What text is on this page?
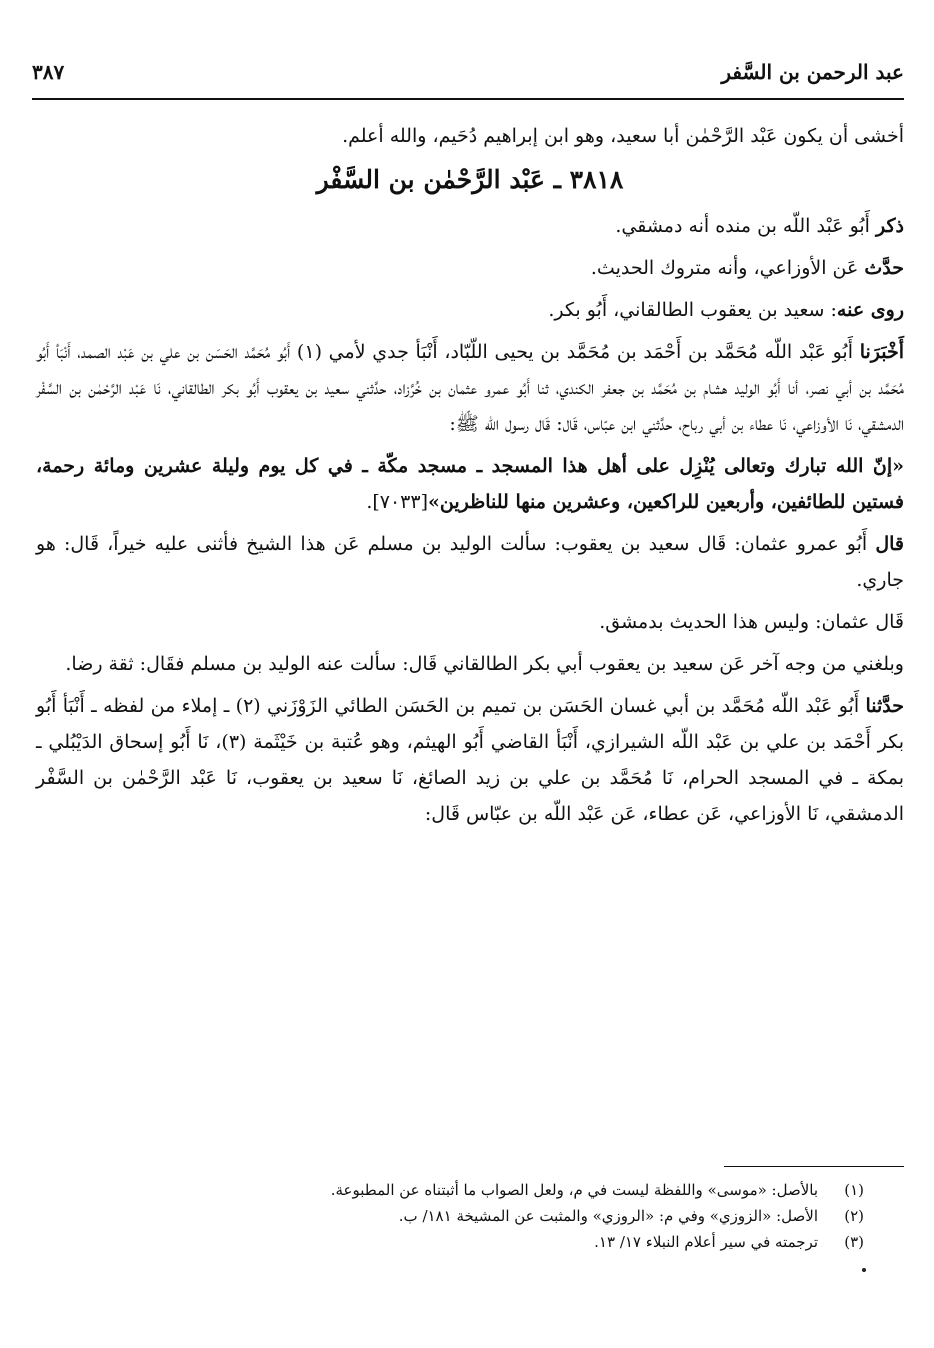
عبد الرحمن بن السَّفر
٣٨٧

أخشى أن يكون عَبْد الرَّحْمٰن أبا سعيد، وهو ابن إبراهيم دُحَيم، والله أعلم.

٣٨١٨ ـ عَبْد الرَّحْمٰن بن السَّفْر

ذكر أَبُو عَبْد اللّه بن منده أنه دمشقي.

حدَّث عَن الأوزاعي، وأنه متروك الحديث.

روى عنه: سعيد بن يعقوب الطالقاني، أَبُو بكر.

أَخْبَرَنا أَبُو عَبْد اللّه مُحَمَّد بن أَحْمَد بن مُحَمَّد بن يحيى اللّبّاد، أَنْبَأ جدي لأمي (١) أَبُو مُحَمَّد الحَسَن بن علي بن عَبْد الصمد، أَنْبَأ أَبُو مُحَمَّد بن أبي نصر، أنا أَبُو الوليد هشام بن مُحَمَّد بن جعفر الكندي، ثنا أَبُو عمرو عثمان بن خُرَّزاد، حدَّثني سعيد بن يعقوب أَبُو بكر الطالقاني، نَا عَبْد الرَّحْمٰن بن السَّفْر الدمشقي، نَا الأوزاعي، نَا عطاء بن أبي رباح، حدَّثني ابن عبّاس، قَال: قَال رسول الله ﷺ:

«إنّ الله تبارك وتعالى يُنْزِل على أهل هذا المسجد ـ مسجد مكّة ـ في كل يوم وليلة عشرين ومائة رحمة، فستين للطائفين، وأربعين للراكعين، وعشرين منها للناظرين»[٧٠٣٣].

قال أَبُو عمرو عثمان: قَال سعيد بن يعقوب: سألت الوليد بن مسلم عَن هذا الشيخ فأثنى عليه خيراً، قَال: هو جاري.

قَال عثمان: وليس هذا الحديث بدمشق.

وبلغني من وجه آخر عَن سعيد بن يعقوب أبي بكر الطالقاني قَال: سألت عنه الوليد بن مسلم فقَال: ثقة رضا.

حدَّثنا أَبُو عَبْد اللّه مُحَمَّد بن أبي غسان الحَسَن بن تميم بن الحَسَن الطائي الزَوْزَني (٢) ـ إملاء من لفظه ـ أَنْبَأ أَبُو بكر أَحْمَد بن علي بن عَبْد اللّه الشيرازي، أَنْبَأ القاضي أَبُو الهيثم، وهو عُتبة بن خَيْثَمة (٣)، نَا أَبُو إسحاق الدَيْبُلي ـ بمكة ـ في المسجد الحرام، نَا مُحَمَّد بن علي بن زيد الصائغ، نَا سعيد بن يعقوب، نَا عَبْد الرَّحْمٰن بن السَّفْر الدمشقي، نَا الأوزاعي، عَن عطاء، عَن عَبْد اللّه بن عبّاس قَال:

(١)
بالأصل: «موسى» واللفظة ليست في م، ولعل الصواب ما أثبتناه عن المطبوعة.
(٢)
الأصل: «الزوزي» وفي م: «الروزي» والمثبت عن المشيخة ١٨١/ ب.
(٣)
ترجمته في سير أعلام النبلاء ١٧/ ١٣.
